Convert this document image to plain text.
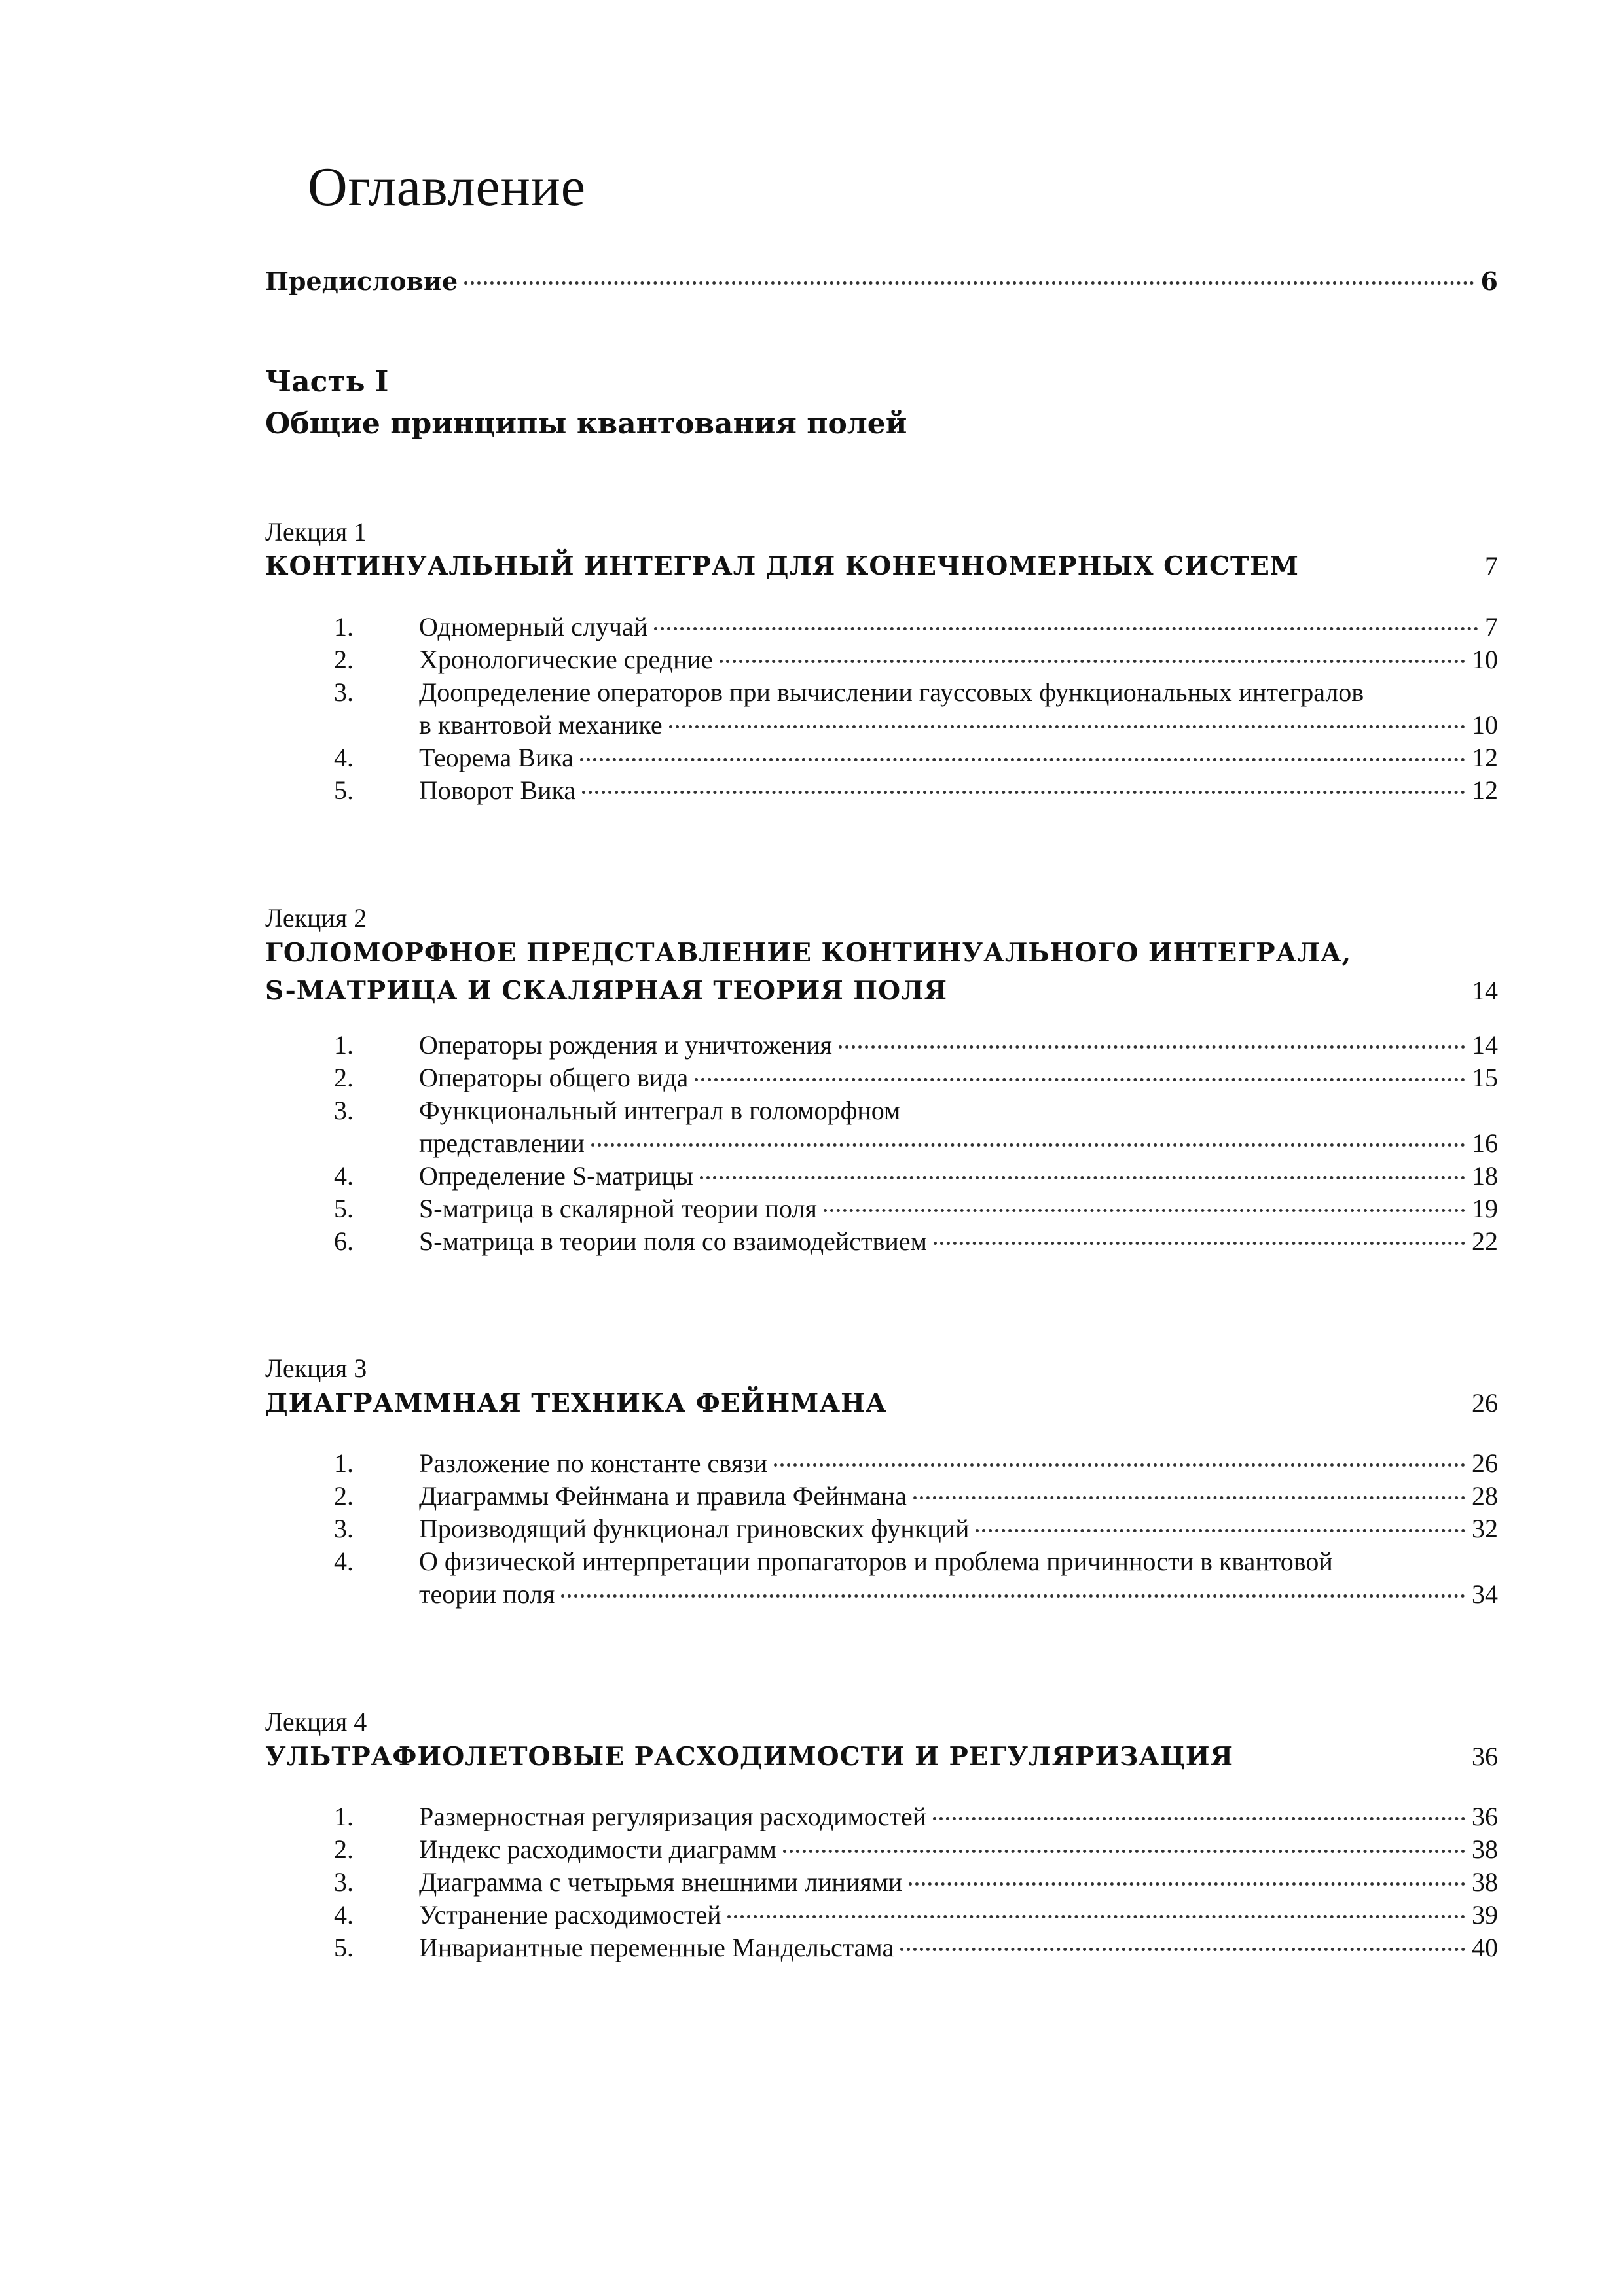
Оглавление
Предисловие	6
Часть I
Общие принципы квантования полей
Лекция 1
КОНТИНУАЛЬНЫЙ ИНТЕГРАЛ ДЛЯ КОНЕЧНОМЕРНЫХ СИСТЕМ	7
1.	Одномерный случай	7
2.	Хронологические средние	10
3.	Доопределение операторов при вычислении гауссовых функциональных интегралов
в квантовой механике	10
4.	Теорема Вика	12
5.	Поворот Вика	12
Лекция 2
ГОЛОМОРФНОЕ ПРЕДСТАВЛЕНИЕ КОНТИНУАЛЬНОГО ИНТЕГРАЛА,
S-МАТРИЦА И СКАЛЯРНАЯ ТЕОРИЯ ПОЛЯ	14
1.	Операторы рождения и уничтожения	14
2.	Операторы общего вида	15
3.	Функциональный интеграл в голоморфном
представлении	16
4.	Определение S-матрицы	18
5.	S-матрица в скалярной теории поля	19
6.	S-матрица в теории поля со взаимодействием	22
Лекция 3
ДИАГРАММНАЯ ТЕХНИКА ФЕЙНМАНА	26
1.	Разложение по константе связи	26
2.	Диаграммы Фейнмана и правила Фейнмана	28
3.	Производящий функционал гриновских функций	32
4.	О физической интерпретации пропагаторов и проблема причинности в квантовой
теории поля	34
Лекция 4
УЛЬТРАФИОЛЕТОВЫЕ РАСХОДИМОСТИ И РЕГУЛЯРИЗАЦИЯ	36
1.	Размерностная регуляризация расходимостей	36
2.	Индекс расходимости диаграмм	38
3.	Диаграмма с четырьмя внешними линиями	38
4.	Устранение расходимостей	39
5.	Инвариантные переменные Мандельстама	40
